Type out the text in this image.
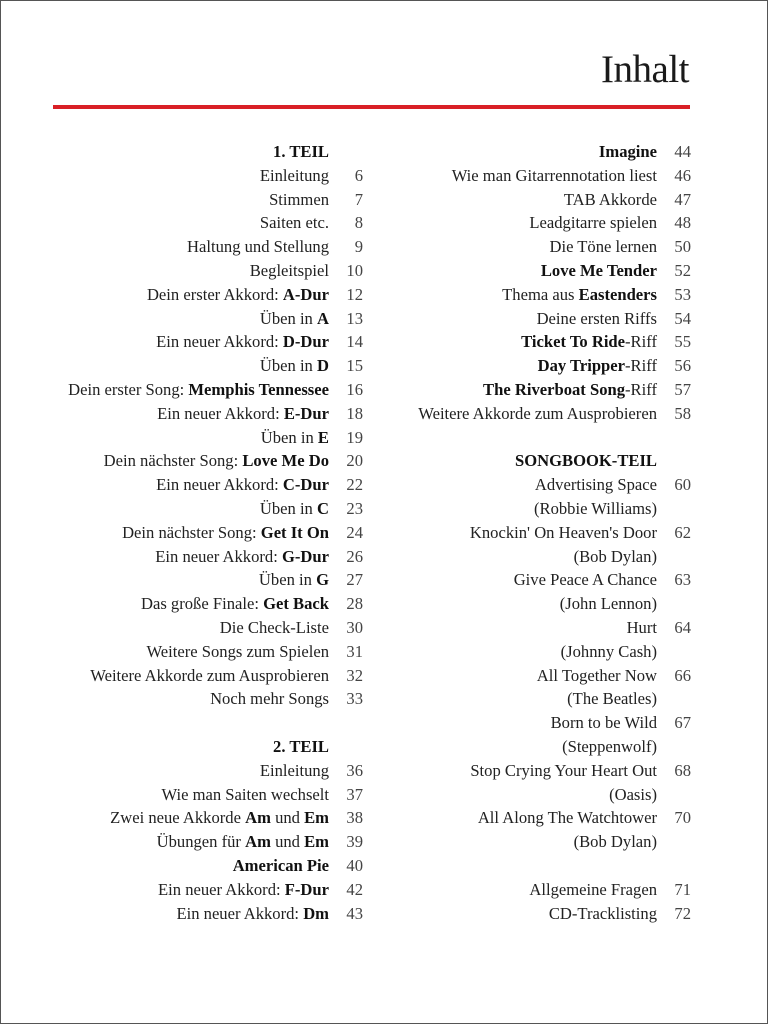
Inhalt
1. TEIL
Einleitung	6
Stimmen	7
Saiten etc.	8
Haltung und Stellung	9
Begleitspiel	10
Dein erster Akkord: A-Dur	12
Üben in A	13
Ein neuer Akkord: D-Dur	14
Üben in D	15
Dein erster Song: Memphis Tennessee	16
Ein neuer Akkord: E-Dur	18
Üben in E	19
Dein nächster Song: Love Me Do	20
Ein neuer Akkord: C-Dur	22
Üben in C	23
Dein nächster Song: Get It On	24
Ein neuer Akkord: G-Dur	26
Üben in G	27
Das große Finale: Get Back	28
Die Check-Liste	30
Weitere Songs zum Spielen	31
Weitere Akkorde zum Ausprobieren	32
Noch mehr Songs	33
2. TEIL
Einleitung	36
Wie man Saiten wechselt	37
Zwei neue Akkorde Am und Em	38
Übungen für Am und Em	39
American Pie	40
Ein neuer Akkord: F-Dur	42
Ein neuer Akkord: Dm	43
Imagine	44
Wie man Gitarrennotation liest	46
TAB Akkorde	47
Leadgitarre spielen	48
Die Töne lernen	50
Love Me Tender	52
Thema aus Eastenders	53
Deine ersten Riffs	54
Ticket To Ride-Riff	55
Day Tripper-Riff	56
The Riverboat Song-Riff	57
Weitere Akkorde zum Ausprobieren	58
SONGBOOK-TEIL
Advertising Space	60
(Robbie Williams)
Knockin' On Heaven's Door	62
(Bob Dylan)
Give Peace A Chance	63
(John Lennon)
Hurt	64
(Johnny Cash)
All Together Now	66
(The Beatles)
Born to be Wild	67
(Steppenwolf)
Stop Crying Your Heart Out	68
(Oasis)
All Along The Watchtower	70
(Bob Dylan)
Allgemeine Fragen	71
CD-Tracklisting	72
